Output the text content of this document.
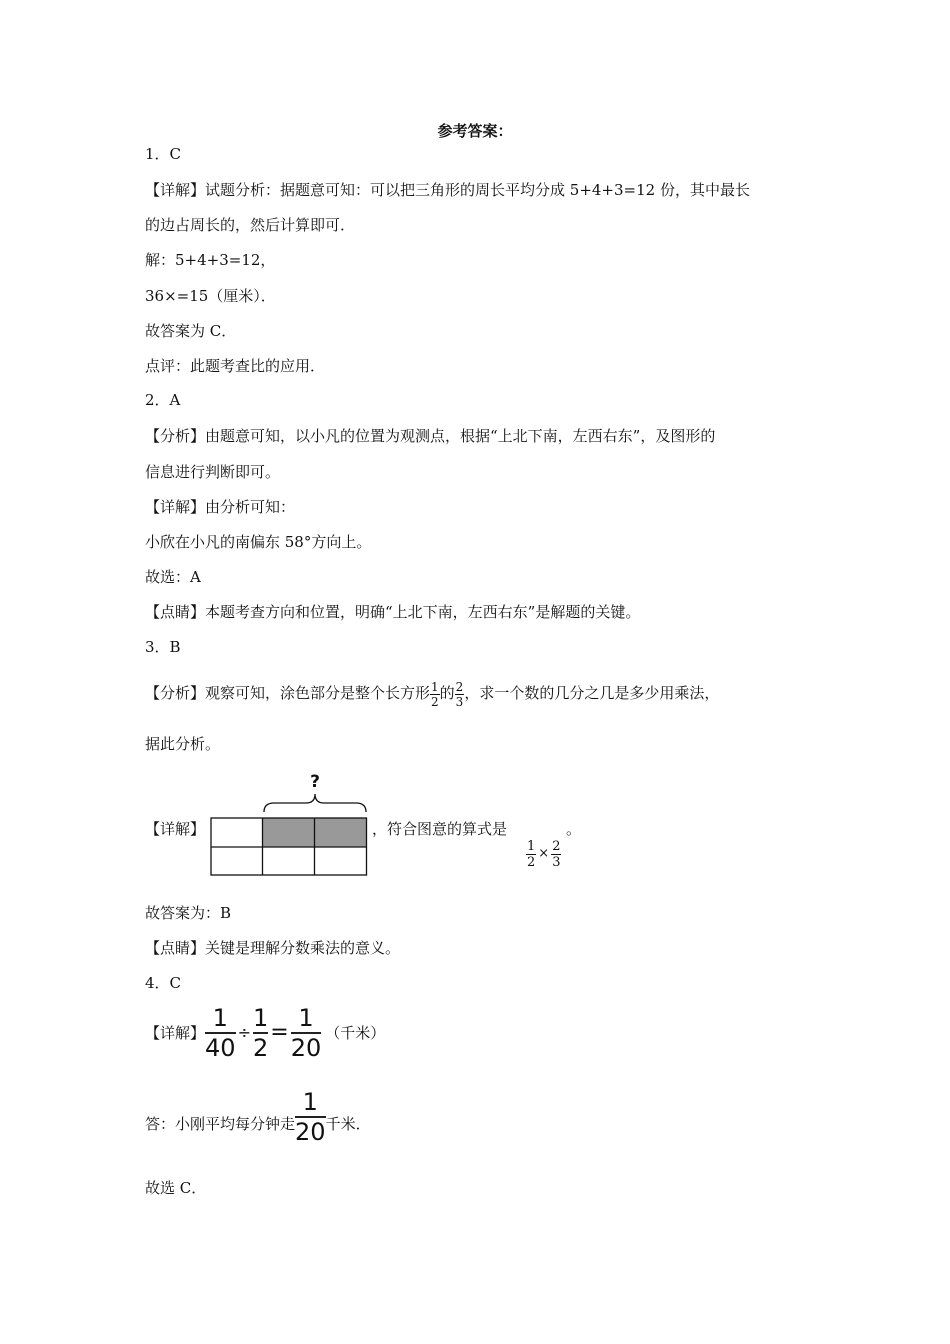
参考答案：
1．C
【详解】试题分析：据题意可知：可以把三角形的周长平均分成 5+4+3=12 份，其中最长
的边占周长的，然后计算即可．
解：5+4+3=12，
36×=15（厘米）．
故答案为 C．
点评：此题考查比的应用．
2．A
【分析】由题意可知，以小凡的位置为观测点，根据“上北下南，左西右东”，及图形的
信息进行判断即可。
【详解】由分析可知：
小欣在小凡的南偏东 58°方向上。
故选：A
【点睛】本题考查方向和位置，明确“上北下南，左西右东”是解题的关键。
3．B
【分析】观察可知，涂色部分是整个长方形 $\frac{1}{2}$ 的 $\frac{2}{3}$ ，求一个数的几分之几是多少用乘法，
据此分析。
?
【详解】	，符合图意的算式是
$\frac{1}{2} \times \frac{2}{3}$
。
故答案为：B
【点睛】关键是理解分数乘法的意义。
4．C
【详解】 $\frac{1}{40} \div \frac{1}{2} = \frac{1}{20}$ （千米）
答：小刚平均每分钟走 $\frac{1}{20}$ 千米．
故选 C．
